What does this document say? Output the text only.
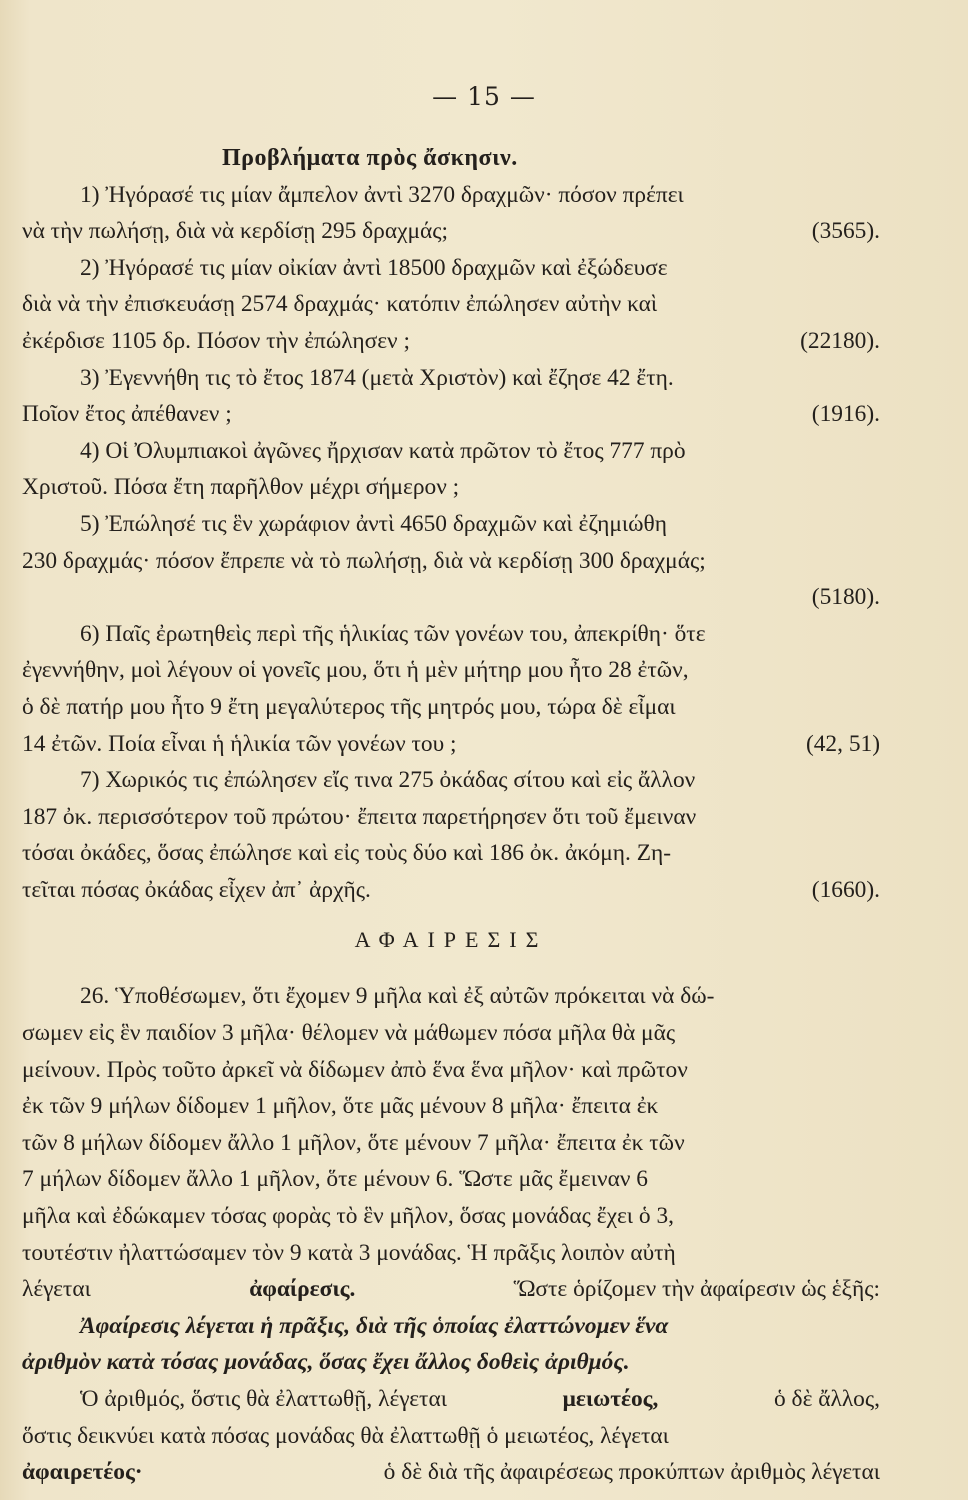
— 15 —
Προβλήματα πρὸς ἄσκησιν.
1) Ἠγόρασέ τις μίαν ἄμπελον ἀντὶ 3270 δραχμῶν· πόσον πρέπει
νὰ τὴν πωλήσῃ, διὰ νὰ κερδίσῃ 295 δραχμάς;	(3565).
2) Ἠγόρασέ τις μίαν οἰκίαν ἀντὶ 18500 δραχμῶν καὶ ἐξώδευσε
διὰ νὰ τὴν ἐπισκευάσῃ 2574 δραχμάς· κατόπιν ἐπώλησεν αὐτὴν καὶ
ἐκέρδισε 1105 δρ. Πόσον τὴν ἐπώλησεν ;	(22180).
3) Ἐγεννήθη τις τὸ ἔτος 1874 (μετὰ Χριστὸν) καὶ ἔζησε 42 ἔτη.
Ποῖον ἔτος ἀπέθανεν ;	(1916).
4) Οἱ Ὀλυμπιακοὶ ἀγῶνες ἤρχισαν κατὰ πρῶτον τὸ ἔτος 777 πρὸ
Χριστοῦ. Πόσα ἔτη παρῆλθον μέχρι σήμερον ;
5) Ἐπώλησέ τις ἓν χωράφιον ἀντὶ 4650 δραχμῶν καὶ ἐζημιώθη
230 δραχμάς· πόσον ἔπρεπε νὰ τὸ πωλήσῃ, διὰ νὰ κερδίσῃ 300 δραχμάς;
(5180).
6) Παῖς ἐρωτηθεὶς περὶ τῆς ἡλικίας τῶν γονέων του, ἀπεκρίθη· ὅτε
ἐγεννήθην, μοὶ λέγουν οἱ γονεῖς μου, ὅτι ἡ μὲν μήτηρ μου ἦτο 28 ἐτῶν,
ὁ δὲ πατήρ μου ἦτο 9 ἔτη μεγαλύτερος τῆς μητρός μου, τώρα δὲ εἶμαι
14 ἐτῶν. Ποία εἶναι ἡ ἡλικία τῶν γονέων του ;	(42, 51)
7) Χωρικός τις ἐπώλησεν εἴς τινα 275 ὀκάδας σίτου καὶ εἰς ἄλλον
187 ὀκ. περισσότερον τοῦ πρώτου· ἔπειτα παρετήρησεν ὅτι τοῦ ἔμειναν
τόσαι ὀκάδες, ὅσας ἐπώλησε καὶ εἰς τοὺς δύο καὶ 186 ὀκ. ἀκόμη. Ζη-
τεῖται πόσας ὀκάδας εἶχεν ἀπ᾿ ἀρχῆς.	(1660).
ΑΦΑΙΡΕΣΙΣ
26. Ὑποθέσωμεν, ὅτι ἔχομεν 9 μῆλα καὶ ἐξ αὐτῶν πρόκειται νὰ δώ-
σωμεν εἰς ἓν παιδίον 3 μῆλα· θέλομεν νὰ μάθωμεν πόσα μῆλα θὰ μᾶς
μείνουν. Πρὸς τοῦτο ἀρκεῖ νὰ δίδωμεν ἀπὸ ἕνα ἕνα μῆλον· καὶ πρῶτον
ἐκ τῶν 9 μήλων δίδομεν 1 μῆλον, ὅτε μᾶς μένουν 8 μῆλα· ἔπειτα ἐκ
τῶν 8 μήλων δίδομεν ἄλλο 1 μῆλον, ὅτε μένουν 7 μῆλα· ἔπειτα ἐκ τῶν
7 μήλων δίδομεν ἄλλο 1 μῆλον, ὅτε μένουν 6. Ὥστε μᾶς ἔμειναν 6
μῆλα καὶ ἐδώκαμεν τόσας φορὰς τὸ ἓν μῆλον, ὅσας μονάδας ἔχει ὁ 3,
τουτέστιν ἠλαττώσαμεν τὸν 9 κατὰ 3 μονάδας. Ἡ πρᾶξις λοιπὸν αὐτὴ
λέγεται	ἀφαίρεσις.	Ὥστε ὁρίζομεν τὴν ἀφαίρεσιν ὡς ἑξῆς:
Ἀφαίρεσις λέγεται ἡ πρᾶξις, διὰ τῆς ὁποίας ἐλαττώνομεν ἕνα
ἀριθμὸν κατὰ τόσας μονάδας, ὅσας ἔχει ἄλλος δοθεὶς ἀριθμός.
Ὁ ἀριθμός, ὅστις θὰ ἐλαττωθῇ, λέγεται	μειωτέος,	ὁ δὲ ἄλλος,
ὅστις δεικνύει κατὰ πόσας μονάδας θὰ ἐλαττωθῇ ὁ μειωτέος, λέγεται
ἀφαιρετέος·	ὁ δὲ διὰ τῆς ἀφαιρέσεως προκύπτων ἀριθμὸς λέγεται
